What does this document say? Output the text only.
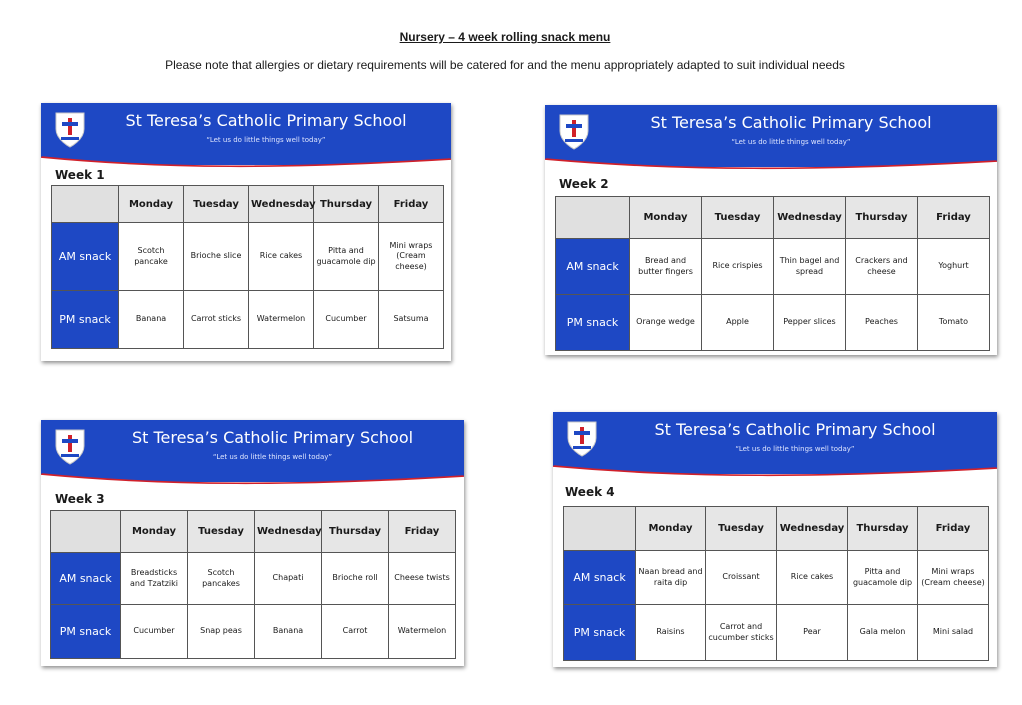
Nursery – 4 week rolling snack menu
Please note that allergies or dietary requirements will be catered for and the menu appropriately adapted to suit individual needs
St Teresa’s Catholic Primary School
“Let us do little things well today”
Week 1
	Monday	Tuesday	Wednesday	Thursday	Friday
AM snack	Scotch pancake	Brioche slice	Rice cakes	Pitta and guacamole dip	Mini wraps (Cream cheese)
PM snack	Banana	Carrot sticks	Watermelon	Cucumber	Satsuma
St Teresa’s Catholic Primary School
“Let us do little things well today”
Week 2
	Monday	Tuesday	Wednesday	Thursday	Friday
AM snack	Bread and butter fingers	Rice crispies	Thin bagel and spread	Crackers and cheese	Yoghurt
PM snack	Orange wedge	Apple	Pepper slices	Peaches	Tomato
St Teresa’s Catholic Primary School
“Let us do little things well today”
Week 3
	Monday	Tuesday	Wednesday	Thursday	Friday
AM snack	Breadsticks and Tzatziki	Scotch pancakes	Chapati	Brioche roll	Cheese twists
PM snack	Cucumber	Snap peas	Banana	Carrot	Watermelon
St Teresa’s Catholic Primary School
“Let us do little things well today”
Week 4
	Monday	Tuesday	Wednesday	Thursday	Friday
AM snack	Naan bread and raita dip	Croissant	Rice cakes	Pitta and guacamole dip	Mini wraps (Cream cheese)
PM snack	Raisins	Carrot and cucumber sticks	Pear	Gala melon	Mini salad
